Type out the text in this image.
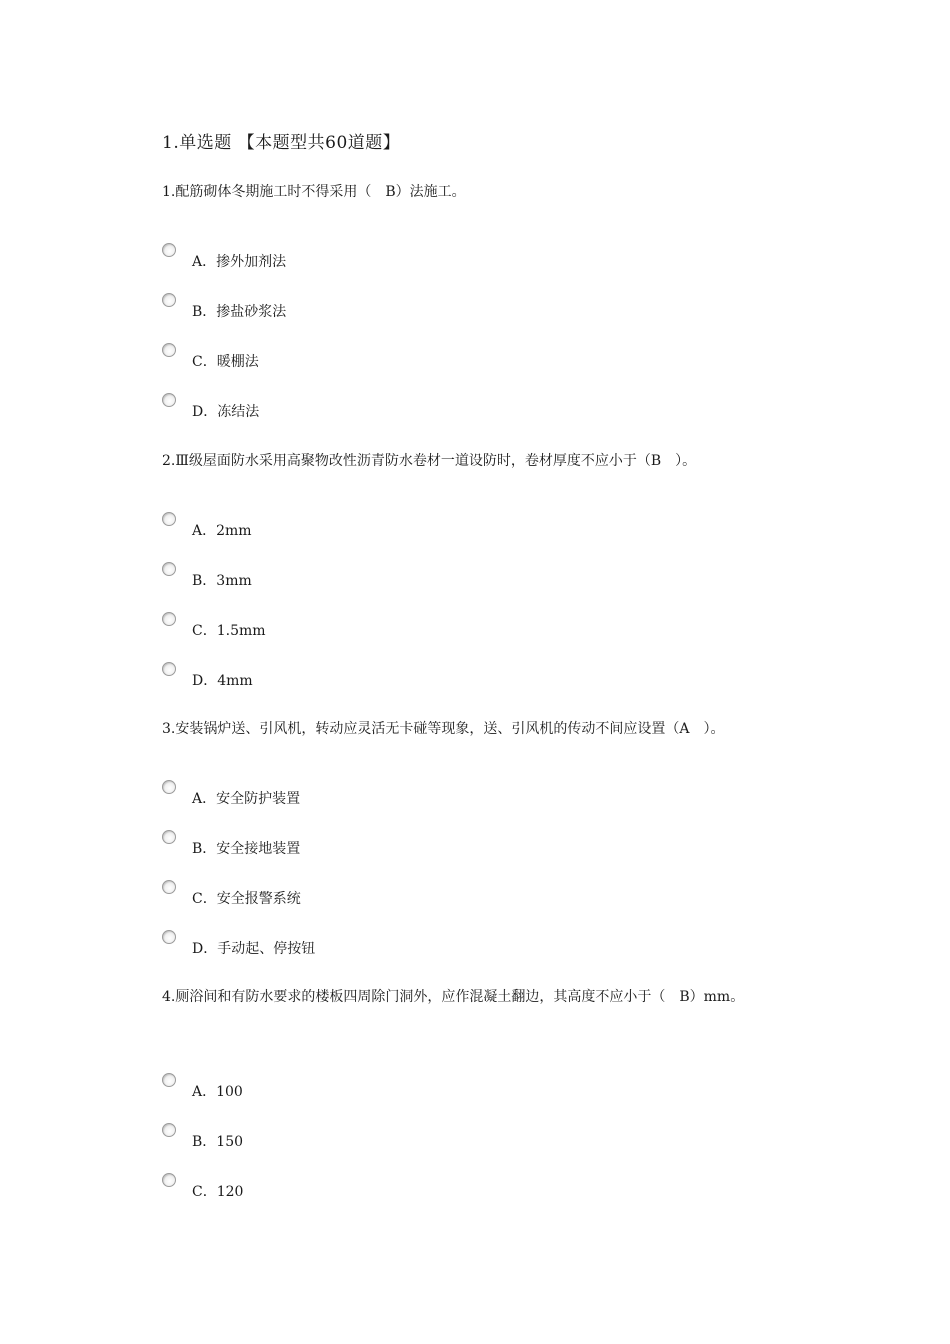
1.单选题 【本题型共60道题】
1.配筋砌体冬期施工时不得采用（　B）法施工。
A．掺外加剂法
B．掺盐砂浆法
C．暖棚法
D．冻结法
2.Ⅲ级屋面防水采用高聚物改性沥青防水卷材一道设防时，卷材厚度不应小于（B　）。
A．2mm
B．3mm
C．1.5mm
D．4mm
3.安装锅炉送、引风机，转动应灵活无卡碰等现象，送、引风机的传动不间应设置（A　）。
A．安全防护装置
B．安全接地装置
C．安全报警系统
D．手动起、停按钮
4.厕浴间和有防水要求的楼板四周除门洞外，应作混凝土翻边，其高度不应小于（　B）mm。
A．100
B．150
C．120
